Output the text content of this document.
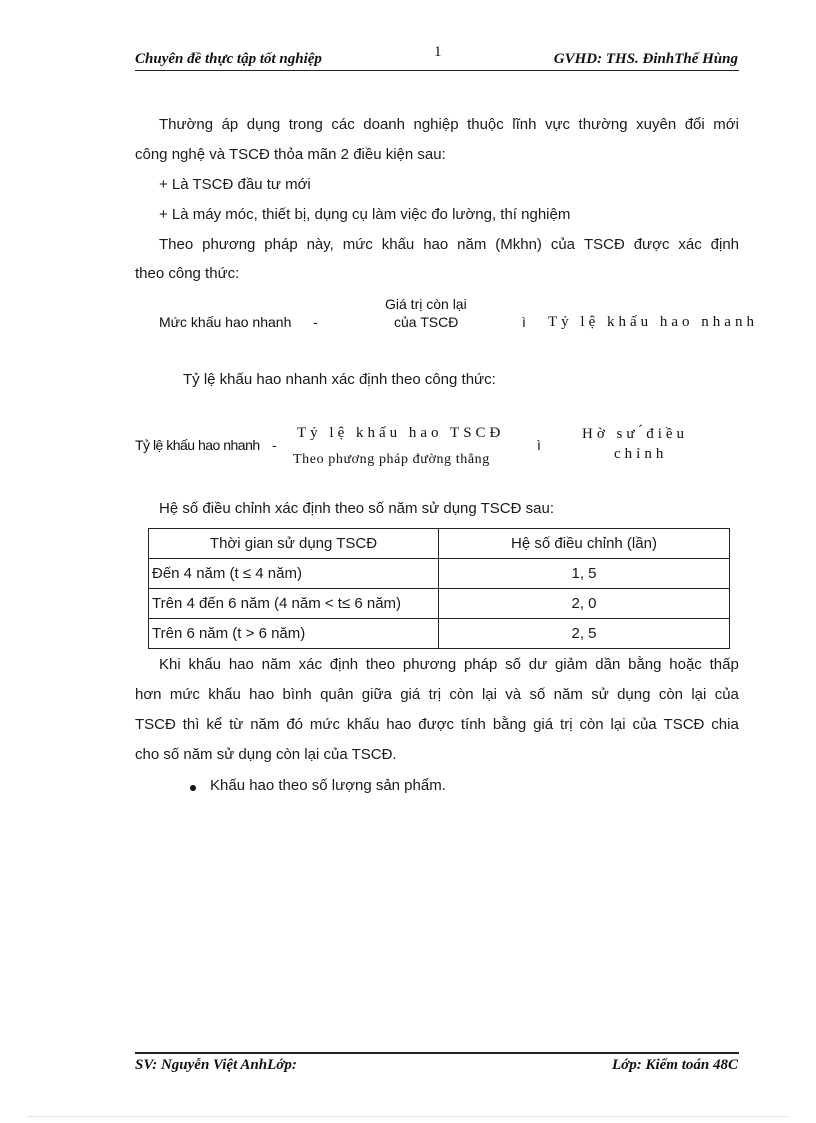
1
Chuyên đề thực tập tốt nghiệp	GVHD: THS. ĐinhThế Hùng
Thường áp dụng trong các doanh nghiệp thuộc lĩnh vực thường xuyên đổi mới
công nghệ và TSCĐ thỏa mãn 2 điều kiện sau:
+ Là TSCĐ đầu tư mới
+ Là máy móc, thiết bị, dụng cụ làm việc đo lường, thí nghiệm
Theo phương pháp này, mức khấu hao năm (Mkhn) của TSCĐ được xác định
theo công thức:
Giá trị còn lại
Mức khấu hao nhanh -	của TSCĐ	ì Tỷ lệ khấu hao nhanh
Tỷ lệ khấu hao nhanh xác định theo công thức:
Tỷ lệ khấu hao TSCĐ	Hờ sư ́điều
Tỷ lệ khấu hao nhanh -	ì
chỉnh
Theo phương pháp đường thẳng
Hệ số điều chỉnh xác định theo số năm sử dụng TSCĐ sau:
Thời gian sử dụng TSCĐ	Hệ số điều chỉnh (lần)
Đến 4 năm (t ≤ 4 năm)	1, 5
Trên 4 đến 6 năm (4 năm < t≤ 6 năm)	2, 0
Trên 6 năm (t > 6 năm)	2, 5
Khi khấu hao năm xác định theo phương pháp số dư giảm dần bằng hoặc thấp
hơn mức khấu hao bình quân giữa giá trị còn lại và số năm sử dụng còn lại của
TSCĐ thì kể từ năm đó mức khấu hao được tính bằng giá trị còn lại của TSCĐ chia
cho số năm sử dụng còn lại của TSCĐ.
Khấu hao theo số lượng sản phẩm.
SV: Nguyễn Việt AnhLớp:	Lớp: Kiểm toán 48C
